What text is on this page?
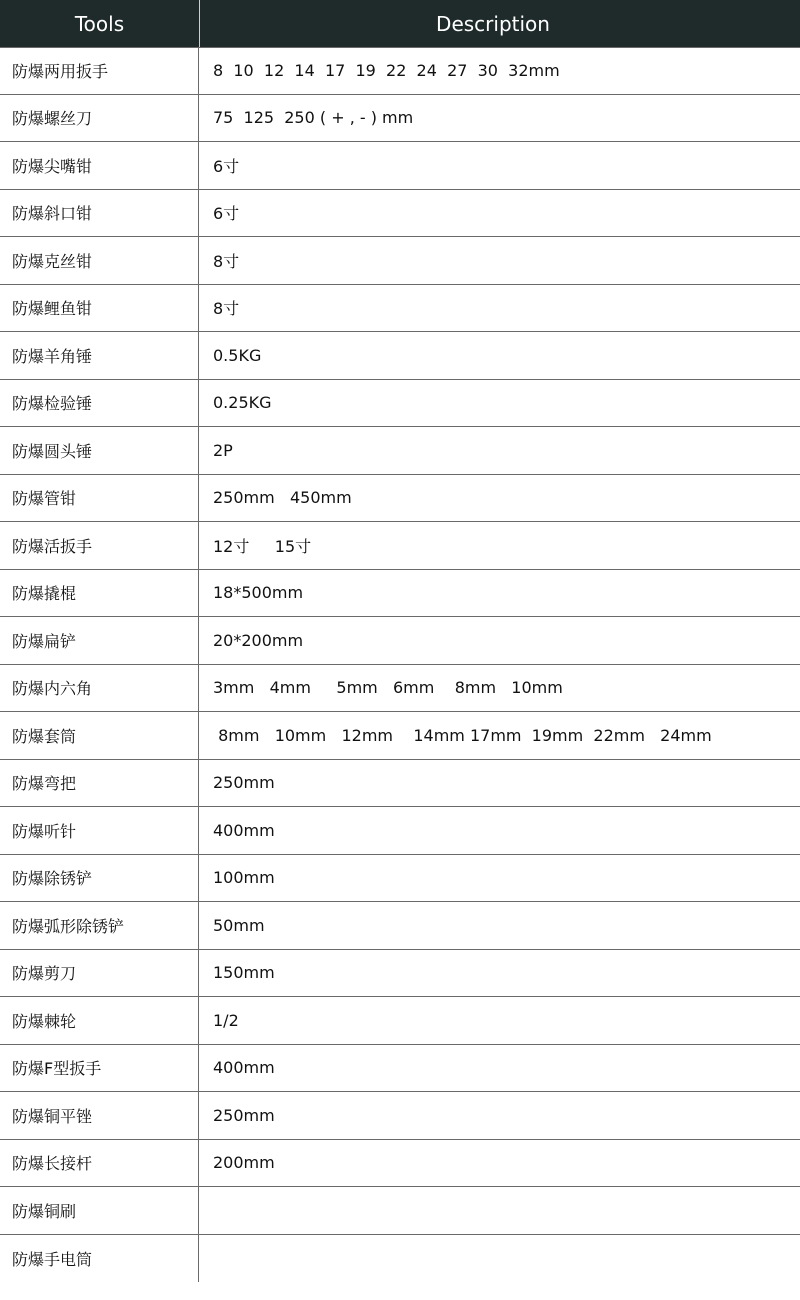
Tools	Description
防爆两用扳手	8  10  12  14  17  19  22  24  27  30  32mm
防爆螺丝刀	75  125  250 ( + , - ) mm
防爆尖嘴钳	6寸
防爆斜口钳	6寸
防爆克丝钳	8寸
防爆鲤鱼钳	8寸
防爆羊角锤	0.5KG
防爆检验锤	0.25KG
防爆圆头锤	2P
防爆管钳	250mm   450mm
防爆活扳手	12寸     15寸
防爆撬棍	18*500mm
防爆扁铲	20*200mm
防爆内六角	3mm   4mm     5mm   6mm    8mm   10mm
防爆套筒	8mm   10mm   12mm    14mm 17mm  19mm  22mm   24mm
防爆弯把	250mm
防爆听针	400mm
防爆除锈铲	100mm
防爆弧形除锈铲	50mm
防爆剪刀	150mm
防爆棘轮	1/2
防爆F型扳手	400mm
防爆铜平锉	250mm
防爆长接杆	200mm
防爆铜刷
防爆手电筒
